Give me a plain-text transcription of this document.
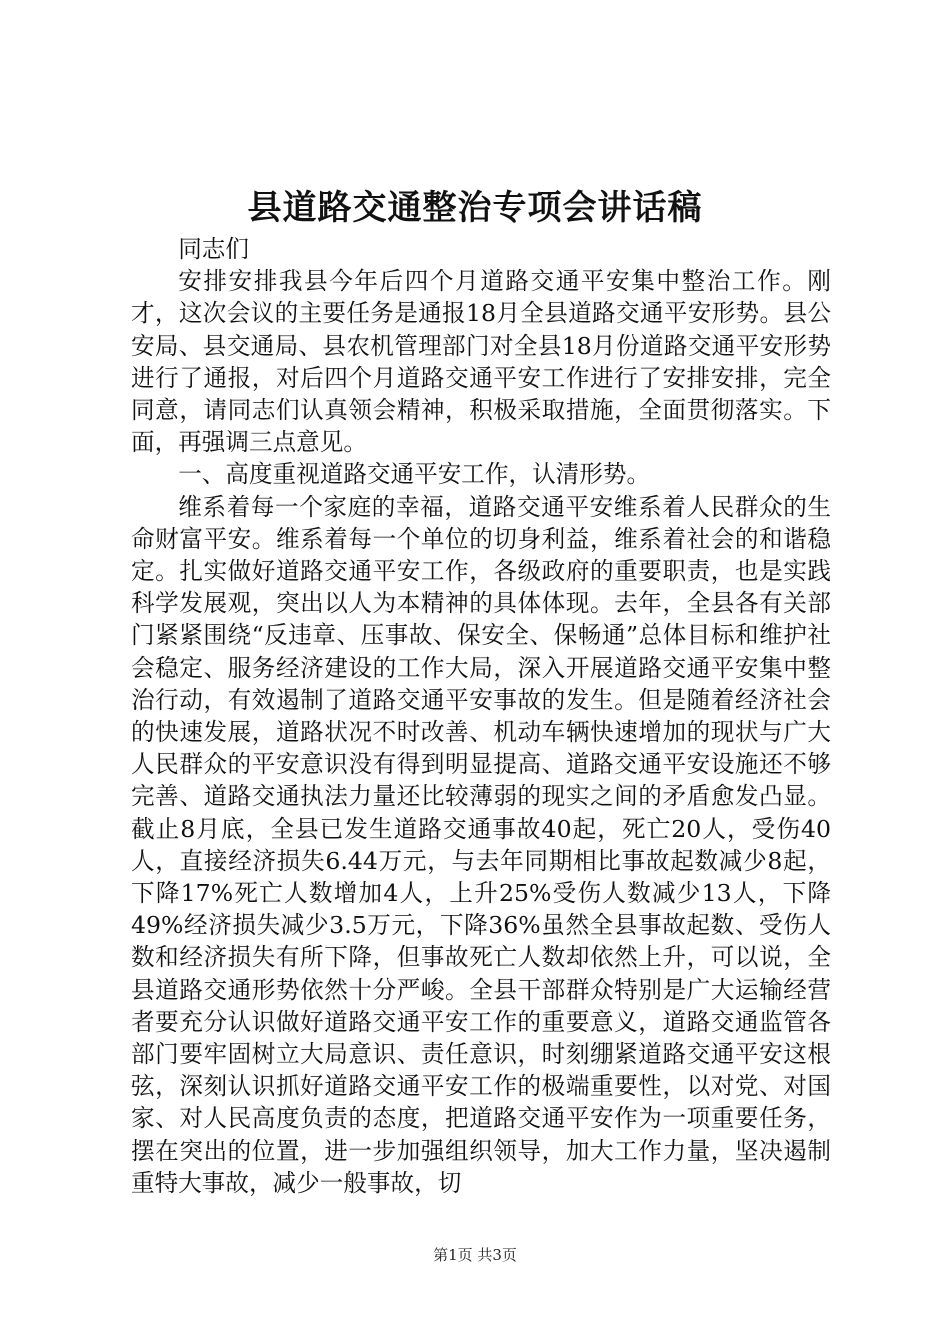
县道路交通整治专项会讲话稿

同志们

安排安排我县今年后四个月道路交通平安集中整治工作。刚才，这次会议的主要任务是通报18月全县道路交通平安形势。县公安局、县交通局、县农机管理部门对全县18月份道路交通平安形势进行了通报，对后四个月道路交通平安工作进行了安排安排，完全同意，请同志们认真领会精神，积极采取措施，全面贯彻落实。下面，再强调三点意见。

一、高度重视道路交通平安工作，认清形势。

维系着每一个家庭的幸福，道路交通平安维系着人民群众的生命财富平安。维系着每一个单位的切身利益，维系着社会的和谐稳定。扎实做好道路交通平安工作，各级政府的重要职责，也是实践科学发展观，突出以人为本精神的具体体现。去年，全县各有关部门紧紧围绕“反违章、压事故、保安全、保畅通”总体目标和维护社会稳定、服务经济建设的工作大局，深入开展道路交通平安集中整治行动，有效遏制了道路交通平安事故的发生。但是随着经济社会的快速发展，道路状况不时改善、机动车辆快速增加的现状与广大人民群众的平安意识没有得到明显提高、道路交通平安设施还不够完善、道路交通执法力量还比较薄弱的现实之间的矛盾愈发凸显。截止8月底，全县已发生道路交通事故40起，死亡20人，受伤40人，直接经济损失6.44万元，与去年同期相比事故起数减少8起，下降17%死亡人数增加4人，上升25%受伤人数减少13人，下降49%经济损失减少3.5万元，下降36%虽然全县事故起数、受伤人数和经济损失有所下降，但事故死亡人数却依然上升，可以说，全县道路交通形势依然十分严峻。全县干部群众特别是广大运输经营者要充分认识做好道路交通平安工作的重要意义，道路交通监管各部门要牢固树立大局意识、责任意识，时刻绷紧道路交通平安这根弦，深刻认识抓好道路交通平安工作的极端重要性，以对党、对国家、对人民高度负责的态度，把道路交通平安作为一项重要任务，摆在突出的位置，进一步加强组织领导，加大工作力量，坚决遏制重特大事故，减少一般事故，切

第1页 共3页
